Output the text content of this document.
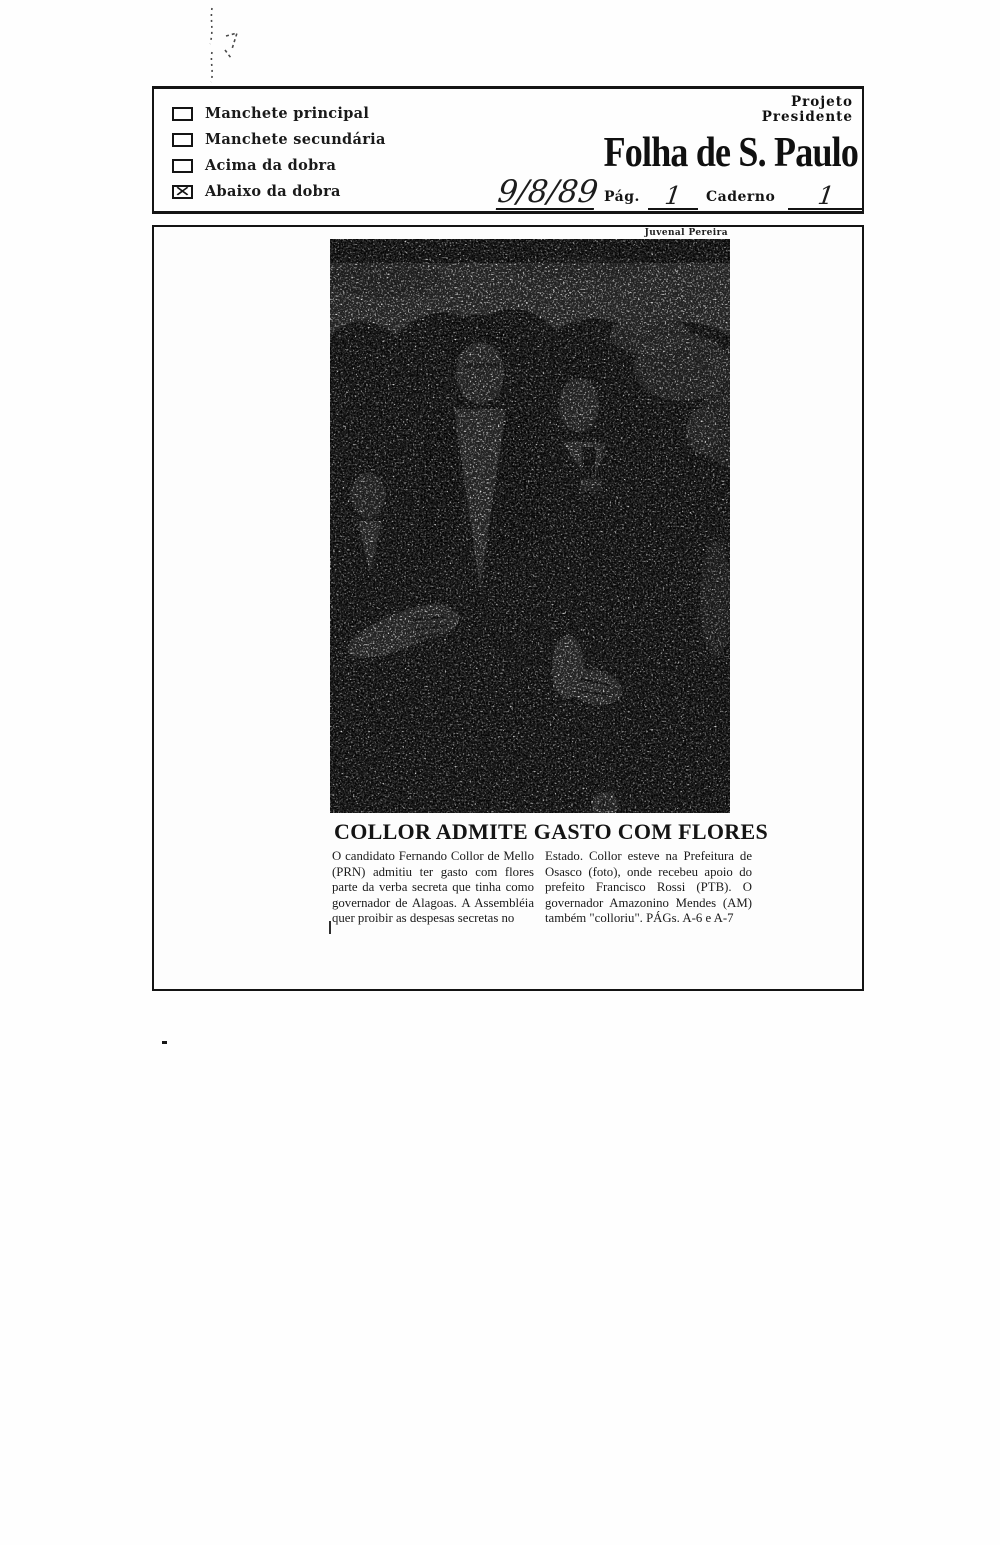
Manchete principal
Manchete secundária
Acima da dobra
✕ Abaixo da dobra
Projeto
Presidente
Folha de S. Paulo
9/8/89 Pág. 1	Caderno	1
Juvenal Pereira
COLLOR ADMITE GASTO COM FLORES

O candidato Fernando Collor de Mello (PRN) admitiu ter gasto com flores parte da verba secreta que tinha como governador de Alagoas. A Assembléia quer proibir as despesas secretas no

Estado. Collor esteve na Prefeitura de Osasco (foto), onde recebeu apoio do prefeito Francisco Rossi (PTB). O governador Amazonino Mendes (AM) também "colloriu". PÁGs. A-6 e A-7
